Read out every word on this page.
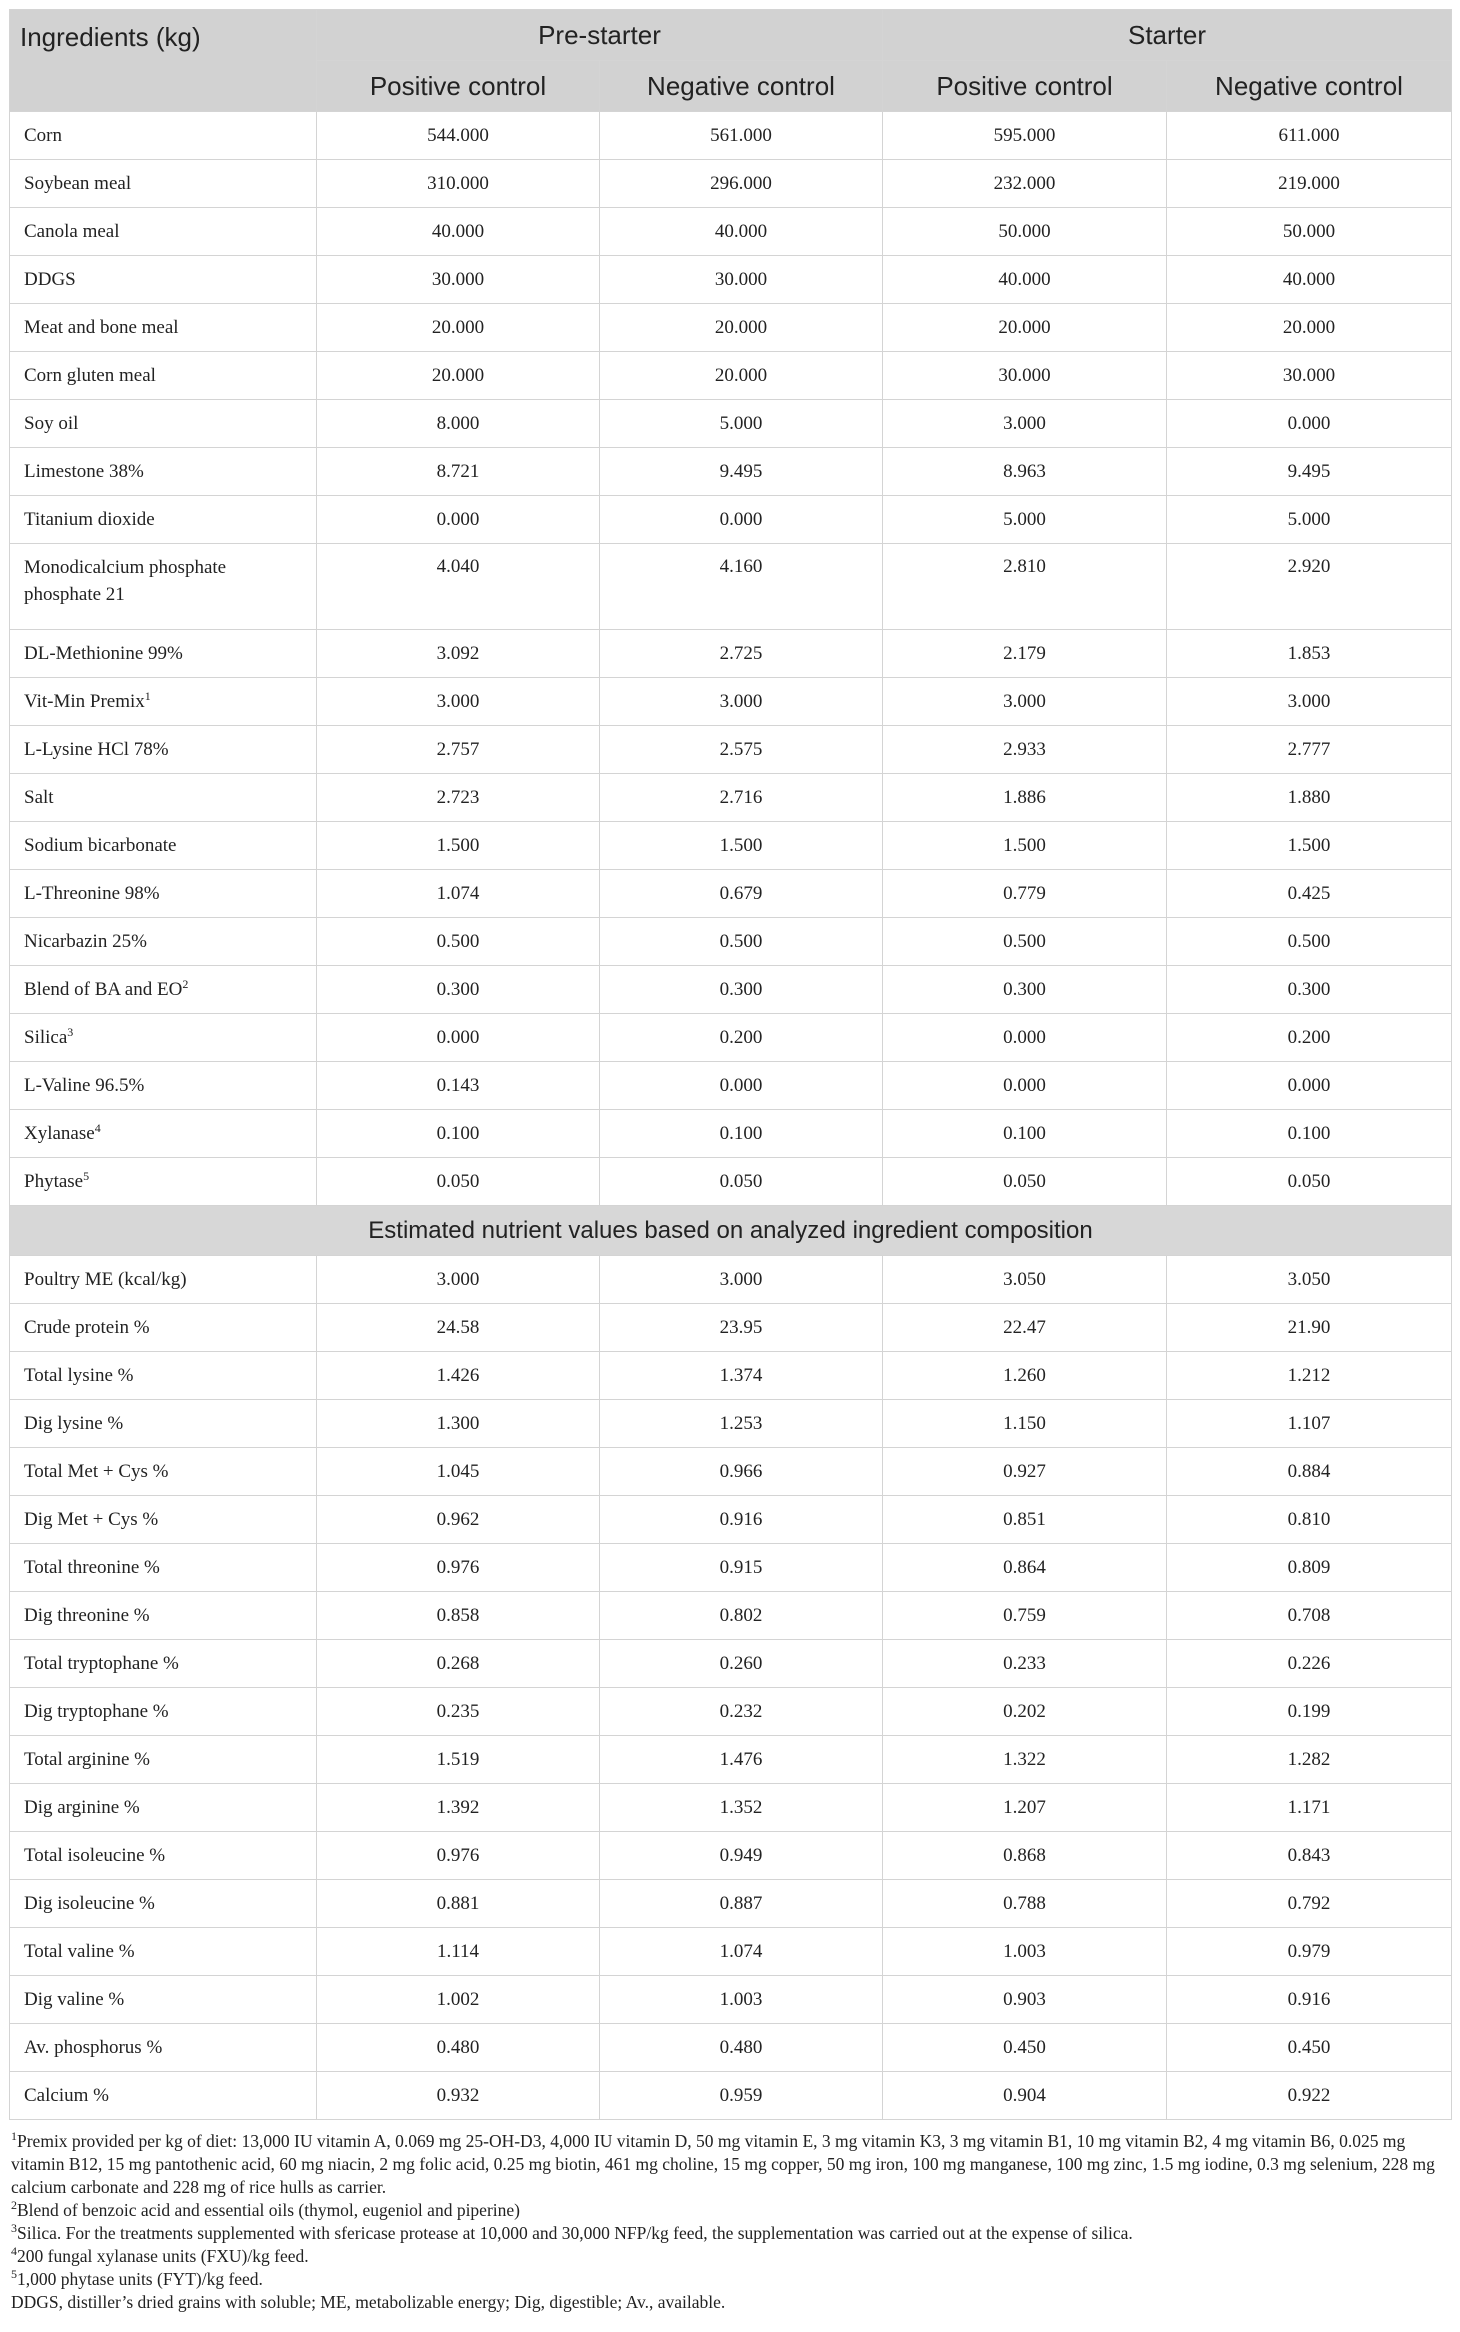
Ingredients (kg)	Pre-starter		Starter	
	Positive control	Negative control	Positive control	Negative control
Corn	544.000	561.000	595.000	611.000
Soybean meal	310.000	296.000	232.000	219.000
Canola meal	40.000	40.000	50.000	50.000
DDGS	30.000	30.000	40.000	40.000
Meat and bone meal	20.000	20.000	20.000	20.000
Corn gluten meal	20.000	20.000	30.000	30.000
Soy oil	8.000	5.000	3.000	0.000
Limestone 38%	8.721	9.495	8.963	9.495
Titanium dioxide	0.000	0.000	5.000	5.000
Monodicalcium phosphate
phosphate 21	4.040	4.160	2.810	2.920
DL-Methionine 99%	3.092	2.725	2.179	1.853
Vit-Min Premix$^1$	3.000	3.000	3.000	3.000
L-Lysine HCl 78%	2.757	2.575	2.933	2.777
Salt	2.723	2.716	1.886	1.880
Sodium bicarbonate	1.500	1.500	1.500	1.500
L-Threonine 98%	1.074	0.679	0.779	0.425
Nicarbazin 25%	0.500	0.500	0.500	0.500
Blend of BA and $EO^2$	0.300	0.300	0.300	0.300
Silica$^3$	0.000	0.200	0.000	0.200
L-Valine 96.5%	0.143	0.000	0.000	0.000
Xylanase$^4$	0.100	0.100	0.100	0.100
Phytase$^5$	0.050	0.050	0.050	0.050
Estimated nutrient values based on analyzed ingredient composition				
Poultry ME (kcal/kg)	3.000	3.000	3.050	3.050
Crude protein %	24.58	23.95	22.47	21.90
Total lysine %	1.426	1.374	1.260	1.212
Dig lysine %	1.300	1.253	1.150	1.107
Total Met + Cys %	1.045	0.966	0.927	0.884
Dig Met + Cys %	0.962	0.916	0.851	0.810
Total threonine %	0.976	0.915	0.864	0.809
Dig threonine %	0.858	0.802	0.759	0.708
Total tryptophane %	0.268	0.260	0.233	0.226
Dig tryptophane %	0.235	0.232	0.202	0.199
Total arginine %	1.519	1.476	1.322	1.282
Dig arginine %	1.392	1.352	1.207	1.171
Total isoleucine %	0.976	0.949	0.868	0.843
Dig isoleucine %	0.881	0.887	0.788	0.792
Total valine %	1.114	1.074	1.003	0.979
Dig valine %	1.002	1.003	0.903	0.916
Av. phosphorus %	0.480	0.480	0.450	0.450
Calcium %	0.932	0.959	0.904	0.922

$^1$Premix provided per kg of diet: 13,000 IU vitamin A, 0.069 mg 25-OH-D3, 4,000 IU vitamin D, 50 mg vitamin E, 3 mg vitamin K3, 3 mg vitamin B1, 10 mg vitamin B2, 4 mg vitamin B6, 0.025 mg vitamin B12, 15 mg pantothenic acid, 60 mg niacin, 2 mg folic acid, 0.25 mg biotin, 461 mg choline, 15 mg copper, 50 mg iron, 100 mg manganese, 100 mg zinc, 1.5 mg iodine, 0.3 mg selenium, 228 mg calcium carbonate and 228 mg of rice hulls as carrier.

$^2$Blend of benzoic acid and essential oils (thymol, eugeniol and piperine)

$^3$Silica. For the treatments supplemented with sfericase protease at 10,000 and 30,000 NFP/kg feed, the supplementation was carried out at the expense of silica.

$^4$200 fungal xylanase units (FXU)/kg feed.

$^5$1,000 phytase units (FYT)/kg feed.

DDGS, distiller’s dried grains with soluble; ME, metabolizable energy; Dig, digestible; Av., available.
